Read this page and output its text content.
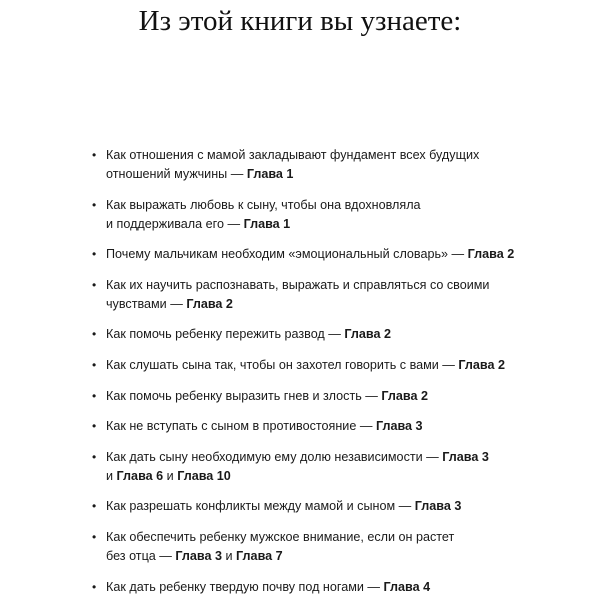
Из этой книги вы узнаете:
• Как отношения с мамой закладывают фундамент всех будущих
отношений мужчины — Глава 1
• Как выражать любовь к сыну, чтобы она вдохновляла
и поддерживала его — Глава 1
• Почему мальчикам необходим «эмоциональный словарь» — Глава 2
• Как их научить распознавать, выражать и справляться со своими
чувствами — Глава 2
• Как помочь ребенку пережить развод — Глава 2
• Как слушать сына так, чтобы он захотел говорить с вами — Глава 2
• Как помочь ребенку выразить гнев и злость — Глава 2
• Как не вступать с сыном в противостояние — Глава 3
• Как дать сыну необходимую ему долю независимости — Глава 3
и Глава 6 и Глава 10
• Как разрешать конфликты между мамой и сыном — Глава 3
• Как обеспечить ребенку мужское внимание, если он растет
без отца — Глава 3 и Глава 7
• Как дать ребенку твердую почву под ногами — Глава 4
